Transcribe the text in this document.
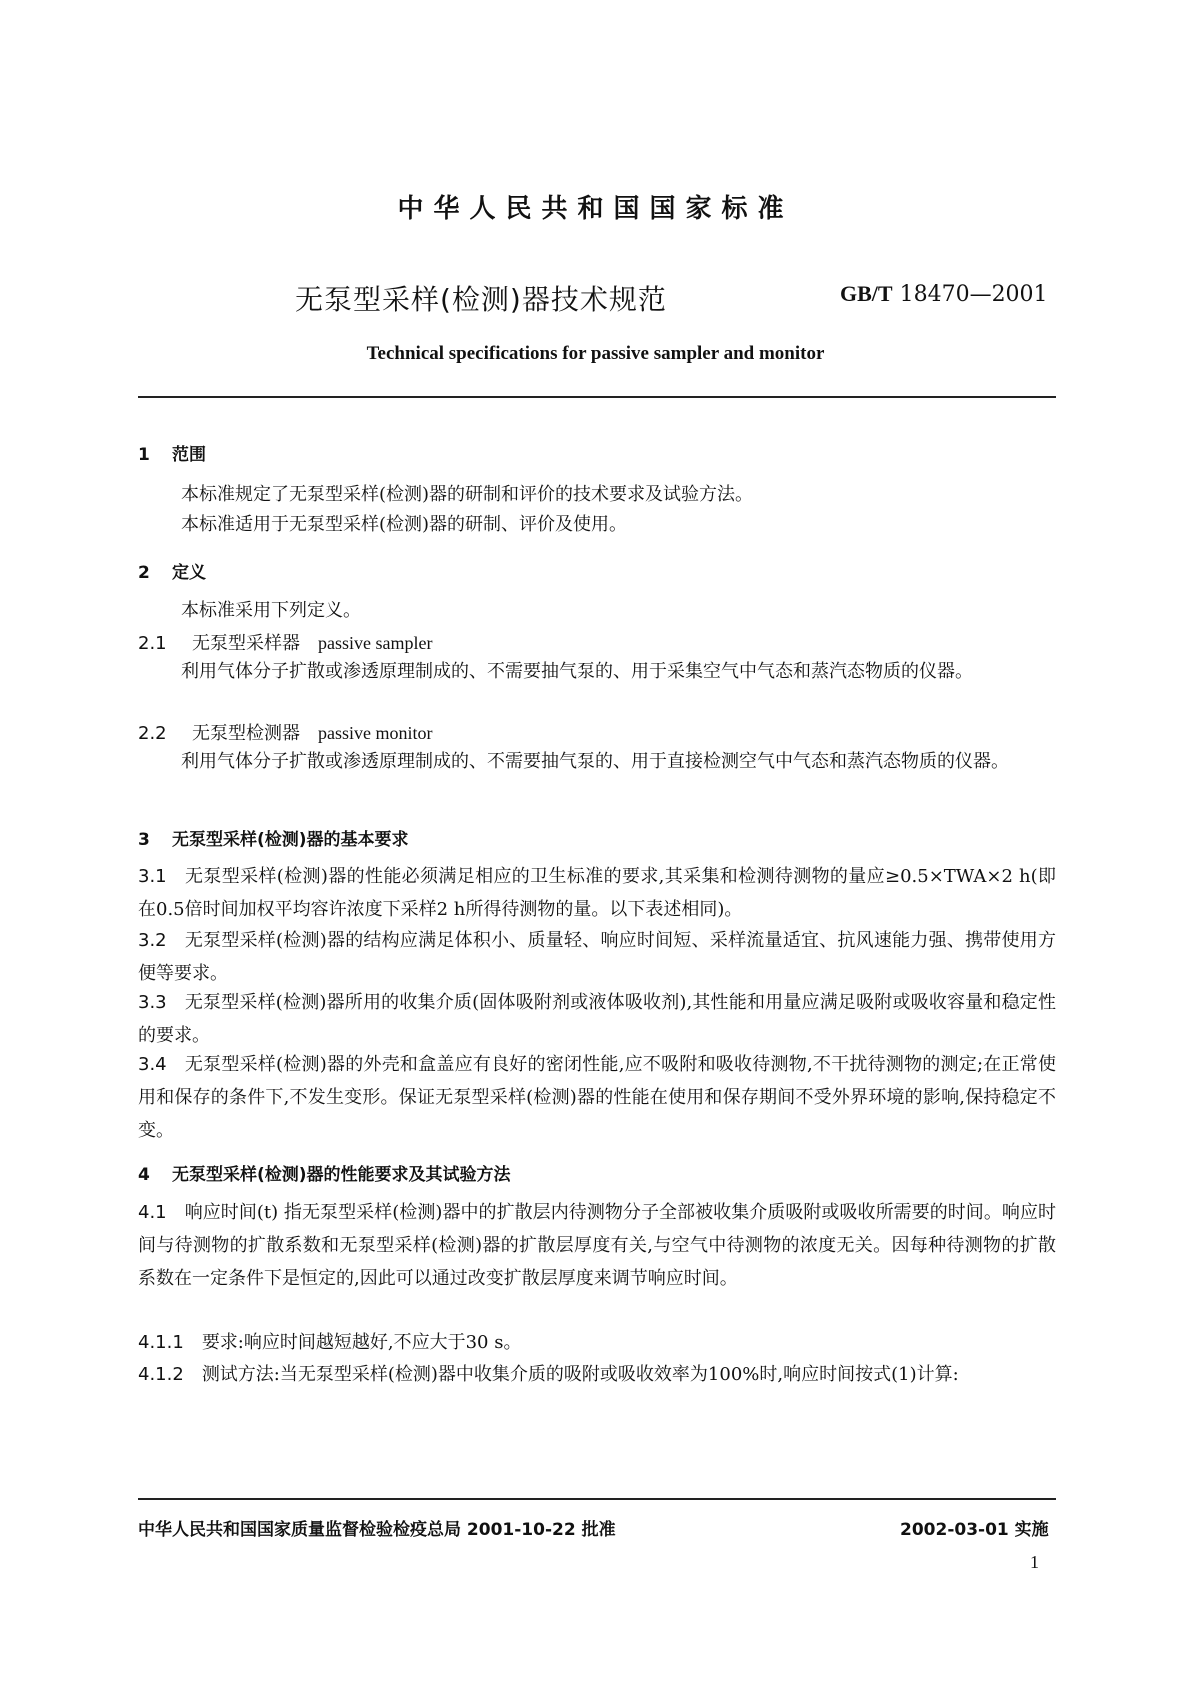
中华人民共和国国家标准
无泵型采样(检测)器技术规范	GB/T 18470—2001
Technical specifications for passive sampler and monitor
1 范围
本标准规定了无泵型采样(检测)器的研制和评价的技术要求及试验方法。
本标准适用于无泵型采样(检测)器的研制、评价及使用。
2 定义
本标准采用下列定义。
2.1 无泵型采样器 passive sampler
利用气体分子扩散或渗透原理制成的、不需要抽气泵的、用于采集空气中气态和蒸汽态物质的仪器。
2.2 无泵型检测器 passive monitor
利用气体分子扩散或渗透原理制成的、不需要抽气泵的、用于直接检测空气中气态和蒸汽态物质的仪器。
3 无泵型采样(检测)器的基本要求
3.1 无泵型采样(检测)器的性能必须满足相应的卫生标准的要求,其采集和检测待测物的量应≥0.5×TWA×2 h(即在0.5倍时间加权平均容许浓度下采样2 h所得待测物的量。以下表述相同)。
3.2 无泵型采样(检测)器的结构应满足体积小、质量轻、响应时间短、采样流量适宜、抗风速能力强、携带使用方便等要求。
3.3 无泵型采样(检测)器所用的收集介质(固体吸附剂或液体吸收剂),其性能和用量应满足吸附或吸收容量和稳定性的要求。
3.4 无泵型采样(检测)器的外壳和盒盖应有良好的密闭性能,应不吸附和吸收待测物,不干扰待测物的测定;在正常使用和保存的条件下,不发生变形。保证无泵型采样(检测)器的性能在使用和保存期间不受外界环境的影响,保持稳定不变。
4 无泵型采样(检测)器的性能要求及其试验方法
4.1 响应时间(t) 指无泵型采样(检测)器中的扩散层内待测物分子全部被收集介质吸附或吸收所需要的时间。响应时间与待测物的扩散系数和无泵型采样(检测)器的扩散层厚度有关,与空气中待测物的浓度无关。因每种待测物的扩散系数在一定条件下是恒定的,因此可以通过改变扩散层厚度来调节响应时间。
4.1.1 要求:响应时间越短越好,不应大于30 s。
4.1.2 测试方法:当无泵型采样(检测)器中收集介质的吸附或吸收效率为100%时,响应时间按式(1)计算:
中华人民共和国国家质量监督检验检疫总局 2001-10-22 批准	2002-03-01 实施
1
